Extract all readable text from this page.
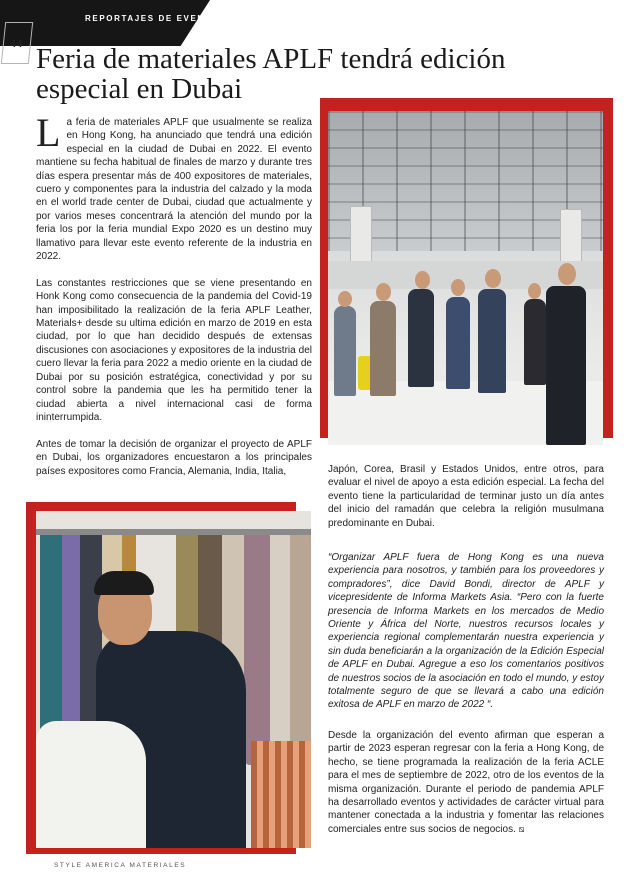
REPORTAJES DE EVENTOS
44 Feria de materiales APLF tendrá edición especial en Dubai

La feria de materiales APLF que usualmente se realiza en Hong Kong, ha anunciado que tendrá una edición especial en la ciudad de Dubai en 2022. El evento mantiene su fecha habitual de finales de marzo y durante tres días espera presentar más de 400 expositores de materiales, cuero y componentes para la industria del calzado y la moda en el world trade center de Dubai, ciudad que actualmente y por varios meses concentrará la atención del mundo por la feria los por la feria mundial Expo 2020 es un destino muy llamativo para llevar este evento referente de la industria en 2022.

Las constantes restricciones que se viene presentando en Honk Kong como consecuencia de la pandemia del Covid-19 han imposibilitado la realización de la feria APLF Leather, Materials+ desde su ultima edición en marzo de 2019 en esta ciudad, por lo que han decidido después de extensas discusiones con asociaciones y expositores de la industria del cuero llevar la feria para 2022 a medio oriente en la ciudad de Dubai por su posición estratégica, conectividad y por su control sobre la pandemia que les ha permitido tener la ciudad abierta a nivel internacional casi de forma ininterrumpida.

Antes de tomar la decisión de organizar el proyecto de APLF en Dubai, los organizadores encuestaron a los principales países expositores como Francia, Alemania, India, Italia,	Japón, Corea, Brasil y Estados Unidos, entre otros, para evaluar el nivel de apoyo a esta edición especial. La fecha del evento tiene la particularidad de terminar justo un día antes del inicio del ramadán que celebra la religión musulmana predominante en Dubai.

“Organizar APLF fuera de Hong Kong es una nueva experiencia para nosotros, y también para los proveedores y compradores”, dice David Bondi, director de APLF y vicepresidente de Informa Markets Asia. “Pero con la fuerte presencia de Informa Markets en los mercados de Medio Oriente y África del Norte, nuestros recursos locales y experiencia regional complementarán nuestra experiencia y sin duda beneficiarán a la organización de la Edición Especial de APLF en Dubai. Agregue a eso los comentarios positivos de nuestros socios de la asociación en todo el mundo, y estoy totalmente seguro de que se llevará a cabo una edición exitosa de APLF en marzo de 2022 “.

Desde la organización del evento afirman que esperan a partir de 2023 esperan regresar con la feria a Hong Kong, de hecho, se tiene programada la realización de la feria ACLE para el mes de septiembre de 2022, otro de los eventos de la misma organización. Durante el periodo de pandemia APLF ha desarrollado eventos y actividades de carácter virtual para mantener conectada a la industria y fomentar las relaciones comerciales entre sus socios de negocios. ⧅

STYLE AMERICA MATERIALES
